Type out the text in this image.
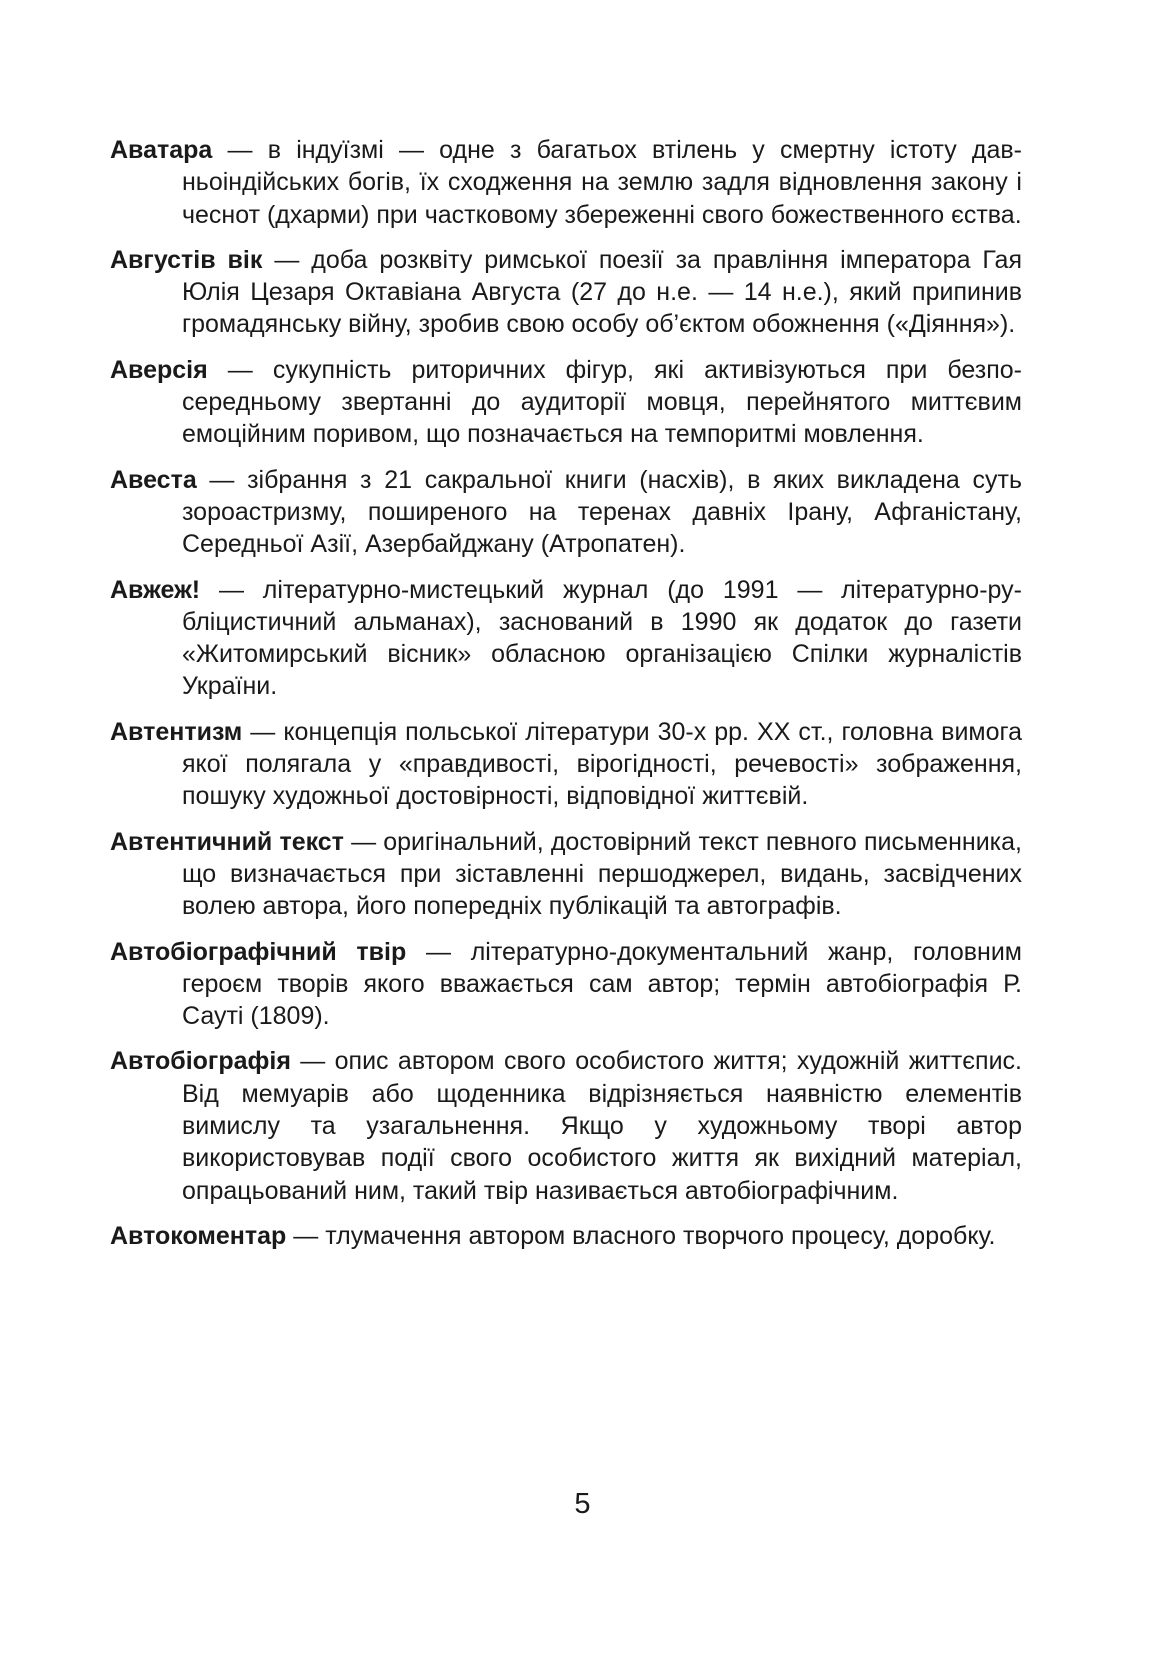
Аватара — в індуїзмі — одне з багатьох втілень у смертну істоту давньоіндійських богів, їх сходження на землю задля відновлення закону і чеснот (дхарми) при частковому збереженні свого божественного єства.

Августів вік — доба розквіту римської поезії за правління імператора Гая Юлія Цезаря Октавіана Августа (27 до н.е. — 14 н.е.), який припинив громадянську війну, зробив свою особу об’єктом обожнення («Діяння»).

Аверсія — сукупність риторичних фігур, які активізуються при безпосередньому звертанні до аудиторії мовця, перейнятого миттєвим емоційним поривом, що позначається на темпоритмі мовлення.

Авеста — зібрання з 21 сакральної книги (насхів), в яких викладена суть зороастризму, поширеного на теренах давніх Ірану, Афганістану, Середньої Азії, Азербайджану (Атропатен).

Авжеж! — літературно-мистецький журнал (до 1991 — літературно-рубліцистичний альманах), заснований в 1990 як додаток до газети «Житомирський вісник» обласною організацією Спілки журналістів України.

Автентизм — концепція польської літератури 30-х рр. XX ст., головна вимога якої полягала у «правдивості, вірогідності, речевості» зображення, пошуку художньої достовірності, відповідної життєвій.

Автентичний текст — оригінальний, достовірний текст певного письменника, що визначається при зіставленні першоджерел, видань, засвідчених волею автора, його попередніх публікацій та автографів.

Автобіографічний твір — літературно-документальний жанр, головним героєм творів якого вважається сам автор; термін автобіографія Р. Саутi (1809).

Автобіографія — опис автором свого особистого життя; художній життєпис. Від мемуарів або щоденника відрізняється наявністю елементів вимислу та узагальнення. Якщо у художньому творі автор використовував події свого особистого життя як вихідний матеріал, опрацьований ним, такий твір називається автобіографічним.

Автокоментар — тлумачення автором власного творчого процесу, доробку.

5
